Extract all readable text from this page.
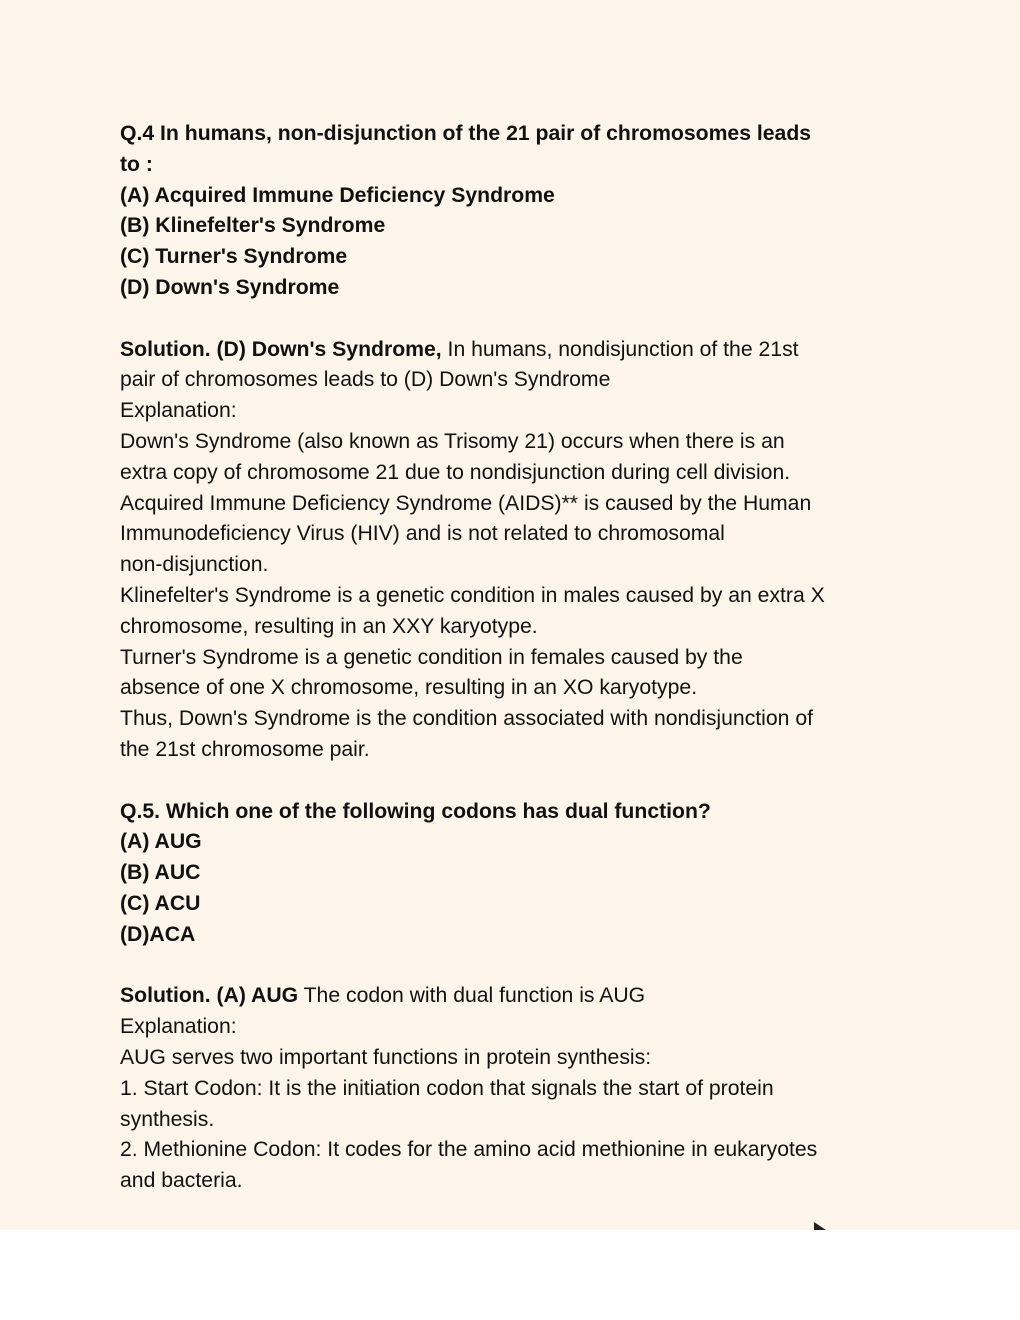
Q.4 In humans, non-disjunction of the 21 pair of chromosomes leads
to :
(A) Acquired Immune Deficiency Syndrome
(B) Klinefelter's Syndrome
(C) Turner's Syndrome
(D) Down's Syndrome
Solution. (D) Down's Syndrome, In humans, nondisjunction of the 21st
pair of chromosomes leads to (D) Down's Syndrome
Explanation:
Down's Syndrome (also known as Trisomy 21) occurs when there is an
extra copy of chromosome 21 due to nondisjunction during cell division.
Acquired Immune Deficiency Syndrome (AIDS)** is caused by the Human
Immunodeficiency Virus (HIV) and is not related to chromosomal
non-disjunction.
Klinefelter's Syndrome is a genetic condition in males caused by an extra X
chromosome, resulting in an XXY karyotype.
Turner's Syndrome is a genetic condition in females caused by the
absence of one X chromosome, resulting in an XO karyotype.
Thus, Down's Syndrome is the condition associated with nondisjunction of
the 21st chromosome pair.
Q.5. Which one of the following codons has dual function?
(A) AUG
(B) AUC
(C) ACU
(D)ACA
Solution. (A) AUG The codon with dual function is AUG
Explanation:
AUG serves two important functions in protein synthesis:
1. Start Codon: It is the initiation codon that signals the start of protein
synthesis.
2. Methionine Codon: It codes for the amino acid methionine in eukaryotes
and bacteria.
